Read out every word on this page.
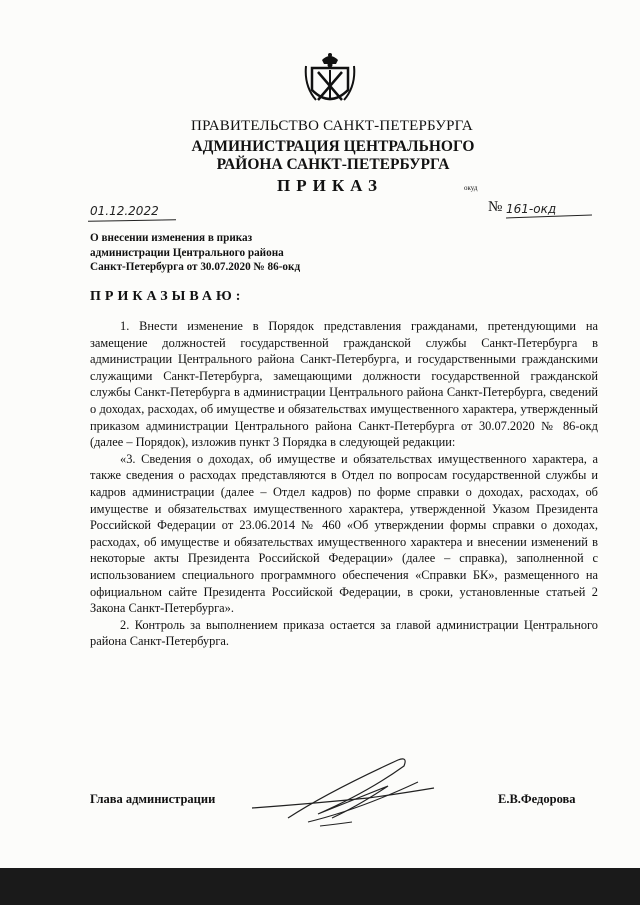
ПРАВИТЕЛЬСТВО САНКТ-ПЕТЕРБУРГА
АДМИНИСТРАЦИЯ ЦЕНТРАЛЬНОГО
РАЙОНА САНКТ-ПЕТЕРБУРГА
ПРИКАЗ	окуд
01.12.2022	№ 161-окд
О внесении изменения в приказ
администрации Центрального района
Санкт-Петербурга от 30.07.2020 № 86-окд
ПРИКАЗЫВАЮ:

1. Внести изменение в Порядок представления гражданами, претендующими на замещение должностей государственной гражданской службы Санкт-Петербурга в администрации Центрального района Санкт-Петербурга, и государственными гражданскими служащими Санкт-Петербурга, замещающими должности государственной гражданской службы Санкт-Петербурга в администрации Центрального района Санкт-Петербурга, сведений о доходах, расходах, об имуществе и обязательствах имущественного характера, утвержденный приказом администрации Центрального района Санкт-Петербурга от 30.07.2020 № 86-окд (далее – Порядок), изложив пункт 3 Порядка в следующей редакции:

«3. Сведения о доходах, об имуществе и обязательствах имущественного характера, а также сведения о расходах представляются в Отдел по вопросам государственной службы и кадров администрации (далее – Отдел кадров) по форме справки о доходах, расходах, об имуществе и обязательствах имущественного характера, утвержденной Указом Президента Российской Федерации от 23.06.2014 № 460 «Об утверждении формы справки о доходах, расходах, об имуществе и обязательствах имущественного характера и внесении изменений в некоторые акты Президента Российской Федерации» (далее – справка), заполненной с использованием специального программного обеспечения «Справки БК», размещенного на официальном сайте Президента Российской Федерации, в сроки, установленные статьей 2 Закона Санкт-Петербурга».

2. Контроль за выполнением приказа остается за главой администрации Центрального района Санкт-Петербурга.

Глава администрации	Е.В.Федорова
